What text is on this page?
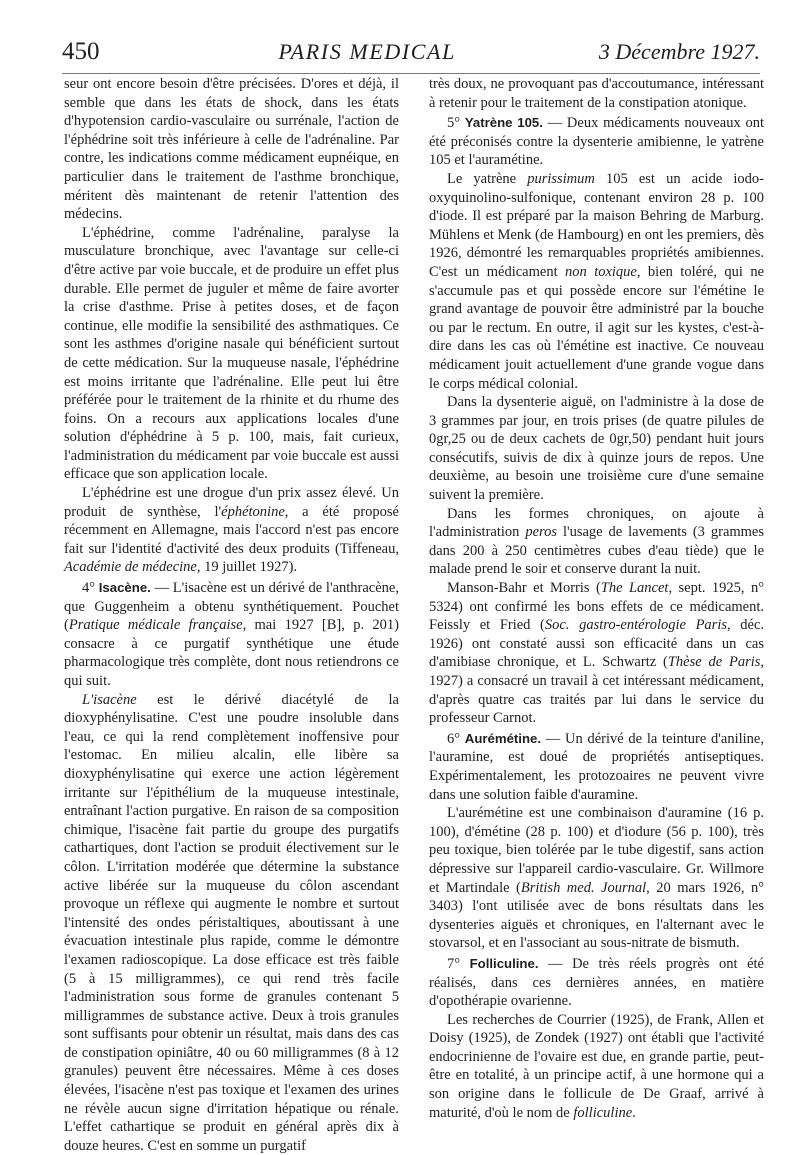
450	PARIS MEDICAL	3 Décembre 1927.

seur ont encore besoin d'être précisées. D'ores et déjà, il semble que dans les états de shock, dans les états d'hypotension cardio-vasculaire ou surrénale, l'action de l'éphédrine soit très inférieure à celle de l'adrénaline. Par contre, les indications comme médicament eupnéique, en particulier dans le traitement de l'asthme bronchique, méritent dès maintenant de retenir l'attention des médecins.

L'éphédrine, comme l'adrénaline, paralyse la musculature bronchique, avec l'avantage sur celle-ci d'être active par voie buccale, et de produire un effet plus durable. Elle permet de juguler et même de faire avorter la crise d'asthme. Prise à petites doses, et de façon continue, elle modifie la sensibilité des asthmatiques. Ce sont les asthmes d'origine nasale qui bénéficient surtout de cette médication. Sur la muqueuse nasale, l'éphédrine est moins irritante que l'adrénaline. Elle peut lui être préférée pour le traitement de la rhinite et du rhume des foins. On a recours aux applications locales d'une solution d'éphédrine à 5 p. 100, mais, fait curieux, l'administration du médicament par voie buccale est aussi efficace que son application locale.

L'éphédrine est une drogue d'un prix assez élevé. Un produit de synthèse, l'éphétonine, a été proposé récemment en Allemagne, mais l'accord n'est pas encore fait sur l'identité d'activité des deux produits (Tiffeneau, Académie de médecine, 19 juillet 1927).

4° Isacène. — L'isacène est un dérivé de l'anthracène, que Guggenheim a obtenu synthétiquement. Pouchet (Pratique médicale française, mai 1927 [B], p. 201) consacre à ce purgatif synthétique une étude pharmacologique très complète, dont nous retiendrons ce qui suit.

L'isacène est le dérivé diacétylé de la dioxyphénylisatine. C'est une poudre insoluble dans l'eau, ce qui la rend complètement inoffensive pour l'estomac. En milieu alcalin, elle libère sa dioxyphénylisatine qui exerce une action légèrement irritante sur l'épithélium de la muqueuse intestinale, entraînant l'action purgative. En raison de sa composition chimique, l'isacène fait partie du groupe des purgatifs cathartiques, dont l'action se produit électivement sur le côlon. L'irritation modérée que détermine la substance active libérée sur la muqueuse du côlon ascendant provoque un réflexe qui augmente le nombre et surtout l'intensité des ondes péristaltiques, aboutissant à une évacuation intestinale plus rapide, comme le démontre l'examen radioscopique. La dose efficace est très faible (5 à 15 milligrammes), ce qui rend très facile l'administration sous forme de granules contenant 5 milligrammes de substance active. Deux à trois granules sont suffisants pour obtenir un résultat, mais dans des cas de constipation opiniâtre, 40 ou 60 milligrammes (8 à 12 granules) peuvent être nécessaires. Même à ces doses élevées, l'isacène n'est pas toxique et l'examen des urines ne révèle aucun signe d'irritation hépatique ou rénale. L'effet cathartique se produit en général après dix à douze heures. C'est en somme un purgatif

très doux, ne provoquant pas d'accoutumance, intéressant à retenir pour le traitement de la constipation atonique.

5° Yatrène 105. — Deux médicaments nouveaux ont été préconisés contre la dysenterie amibienne, le yatrène 105 et l'auramétine.

Le yatrène purissimum 105 est un acide iodo-oxyquinolino-sulfonique, contenant environ 28 p. 100 d'iode. Il est préparé par la maison Behring de Marburg. Mühlens et Menk (de Hambourg) en ont les premiers, dès 1926, démontré les remarquables propriétés amibiennes. C'est un médicament non toxique, bien toléré, qui ne s'accumule pas et qui possède encore sur l'émétine le grand avantage de pouvoir être administré par la bouche ou par le rectum. En outre, il agit sur les kystes, c'est-à-dire dans les cas où l'émétine est inactive. Ce nouveau médicament jouit actuellement d'une grande vogue dans le corps médical colonial.

Dans la dysenterie aiguë, on l'administre à la dose de 3 grammes par jour, en trois prises (de quatre pilules de 0gr,25 ou de deux cachets de 0gr,50) pendant huit jours consécutifs, suivis de dix à quinze jours de repos. Une deuxième, au besoin une troisième cure d'une semaine suivent la première.

Dans les formes chroniques, on ajoute à l'administration peros l'usage de lavements (3 grammes dans 200 à 250 centimètres cubes d'eau tiède) que le malade prend le soir et conserve durant la nuit.

Manson-Bahr et Morris (The Lancet, sept. 1925, n° 5324) ont confirmé les bons effets de ce médicament. Feissly et Fried (Soc. gastro-entérologie Paris, déc. 1926) ont constaté aussi son efficacité dans un cas d'amibiase chronique, et L. Schwartz (Thèse de Paris, 1927) a consacré un travail à cet intéressant médicament, d'après quatre cas traités par lui dans le service du professeur Carnot.

6° Aurémétine. — Un dérivé de la teinture d'aniline, l'auramine, est doué de propriétés antiseptiques. Expérimentalement, les protozoaires ne peuvent vivre dans une solution faible d'auramine.

L'aurémétine est une combinaison d'auramine (16 p. 100), d'émétine (28 p. 100) et d'iodure (56 p. 100), très peu toxique, bien tolérée par le tube digestif, sans action dépressive sur l'appareil cardio-vasculaire. Gr. Willmore et Martindale (British med. Journal, 20 mars 1926, n° 3403) l'ont utilisée avec de bons résultats dans les dysenteries aiguës et chroniques, en l'alternant avec le stovarsol, et en l'associant au sous-nitrate de bismuth.

7° Folliculine. — De très réels progrès ont été réalisés, dans ces dernières années, en matière d'opothérapie ovarienne.

Les recherches de Courrier (1925), de Frank, Allen et Doisy (1925), de Zondek (1927) ont établi que l'activité endocrinienne de l'ovaire est due, en grande partie, peut-être en totalité, à un principe actif, à une hormone qui a son origine dans le follicule de De Graaf, arrivé à maturité, d'où le nom de folliculine.
